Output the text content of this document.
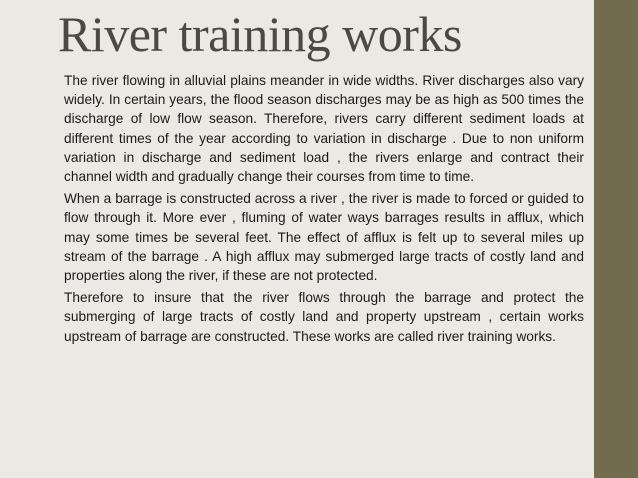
River training works

The river flowing in alluvial plains meander in wide widths. River discharges also vary widely. In certain years, the flood season discharges may be as high as 500 times the discharge of low flow season. Therefore, rivers carry different sediment loads at different times of the year according to variation in discharge . Due to non uniform variation in discharge and sediment load , the rivers enlarge and contract their channel width and gradually change their courses from time to time.

When a barrage is constructed across a river , the river is made to forced or guided to flow through it. More ever , fluming of water ways barrages results in afflux, which may some times be several feet. The effect of afflux is felt up to several miles up stream of the barrage . A high afflux may submerged large tracts of costly land and properties along the river, if these are not protected.

Therefore to insure that the river flows through the barrage and protect the submerging of large tracts of costly land and property upstream , certain works upstream of barrage are constructed. These works are called river training works.
